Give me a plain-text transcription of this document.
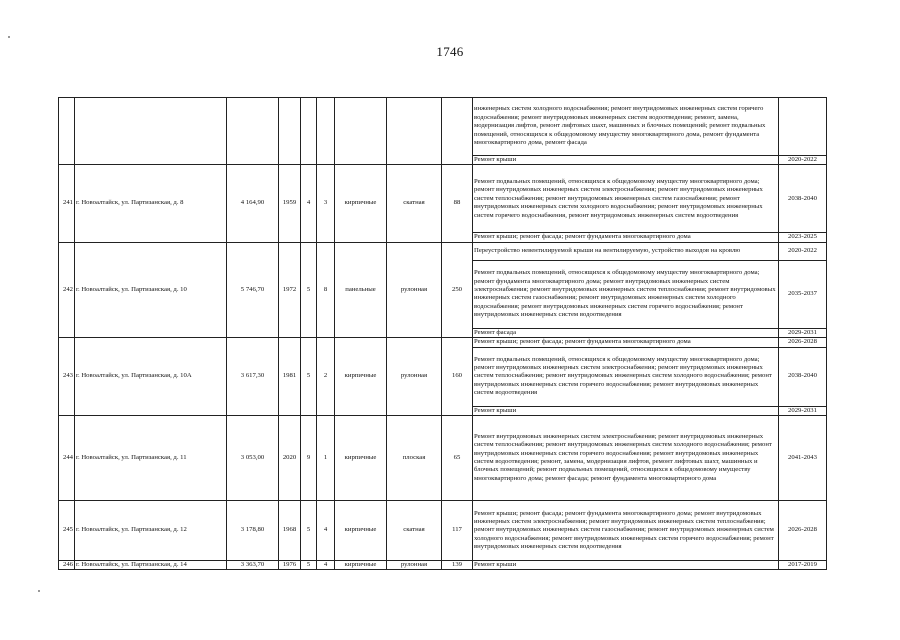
1746
									инженерных систем холодного водоснабжения; ремонт внутридомовых инженерных систем горячего водоснабжения; ремонт внутридомовых инженерных систем водоотведения; ремонт, замена, модернизация лифтов, ремонт лифтовых шахт, машинных и блочных помещений; ремонт подвальных помещений, относящихся к общедомовому имуществу многоквартирного дома, ремонт фундамента многоквартирного дома, ремонт фасада	
									Ремонт крыши	2020-2022
241	г. Новоалтайск, ул. Партизанская, д. 8	4 164,90	1959	4	3	кирпичные	скатная	88	Ремонт подвальных помещений, относящихся к общедомовому имуществу многоквартирного дома; ремонт внутридомовых инженерных систем электроснабжения; ремонт внутридомовых инженерных систем теплоснабжения; ремонт внутридомовых инженерных систем газоснабжения; ремонт внутридомовых инженерных систем холодного водоснабжения; ремонт внутридомовых инженерных систем горячего водоснабжения, ремонт внутридомовых инженерных систем водоотведения	2038-2040
									Ремонт крыши; ремонт фасада; ремонт фундамента многоквартирного дома	2023-2025
242	г. Новоалтайск, ул. Партизанская, д. 10	5 746,70	1972	5	8	панельные	рулонная	250	Переустройство невентилируемой крыши на вентилируемую, устройство выходов на кровлю	2020-2022
									Ремонт подвальных помещений, относящихся к общедомовому имуществу многоквартирного дома; ремонт фундамента многоквартирного дома; ремонт внутридомовых инженерных систем электроснабжения; ремонт внутридомовых инженерных систем теплоснабжения; ремонт внутридомовых инженерных систем газоснабжения; ремонт внутридомовых инженерных систем холодного водоснабжения; ремонт внутридомовых инженерных систем горячего водоснабжения; ремонт внутридомовых инженерных систем водоотведения	2035-2037
									Ремонт фасада	2029-2031
243	г. Новоалтайск, ул. Партизанская, д. 10А	3 617,30	1981	5	2	кирпичные	рулонная	160	Ремонт крыши; ремонт фасада; ремонт фундамента многоквартирного дома	2026-2028
									Ремонт подвальных помещений, относящихся к общедомовому имуществу многоквартирного дома; ремонт внутридомовых инженерных систем электроснабжения; ремонт внутридомовых инженерных систем теплоснабжения; ремонт внутридомовых инженерных систем холодного водоснабжения; ремонт внутридомовых инженерных систем горячего водоснабжения; ремонт внутридомовых инженерных систем водоотведения	2038-2040
									Ремонт крыши	2029-2031
244	г. Новоалтайск, ул. Партизанская, д. 11	3 053,00	2020	9	1	кирпичные	плоская	65	Ремонт внутридомовых инженерных систем электроснабжения; ремонт внутридомовых инженерных систем теплоснабжения; ремонт внутридомовых инженерных систем холодного водоснабжения; ремонт внутридомовых инженерных систем горячего водоснабжения; ремонт внутридомовых инженерных систем водоотведения; ремонт, замена, модернизация лифтов, ремонт лифтовых шахт, машинных и блочных помещений; ремонт подвальных помещений, относящихся к общедомовому имуществу многоквартирного дома; ремонт фасада; ремонт фундамента многоквартирного дома	2041-2043
245	г. Новоалтайск, ул. Партизанская, д. 12	3 178,80	1968	5	4	кирпичные	скатная	117	Ремонт крыши; ремонт фасада; ремонт фундамента многоквартирного дома; ремонт внутридомовых инженерных систем электроснабжения; ремонт внутридомовых инженерных систем теплоснабжения; ремонт внутридомовых инженерных систем газоснабжения; ремонт внутридомовых инженерных систем холодного водоснабжения; ремонт внутридомовых инженерных систем горячего водоснабжения; ремонт внутридомовых инженерных систем водоотведения	2026-2028
246	г. Новоалтайск, ул. Партизанская, д. 14	3 363,70	1976	5	4	кирпичные	рулонная	139	Ремонт крыши	2017-2019
